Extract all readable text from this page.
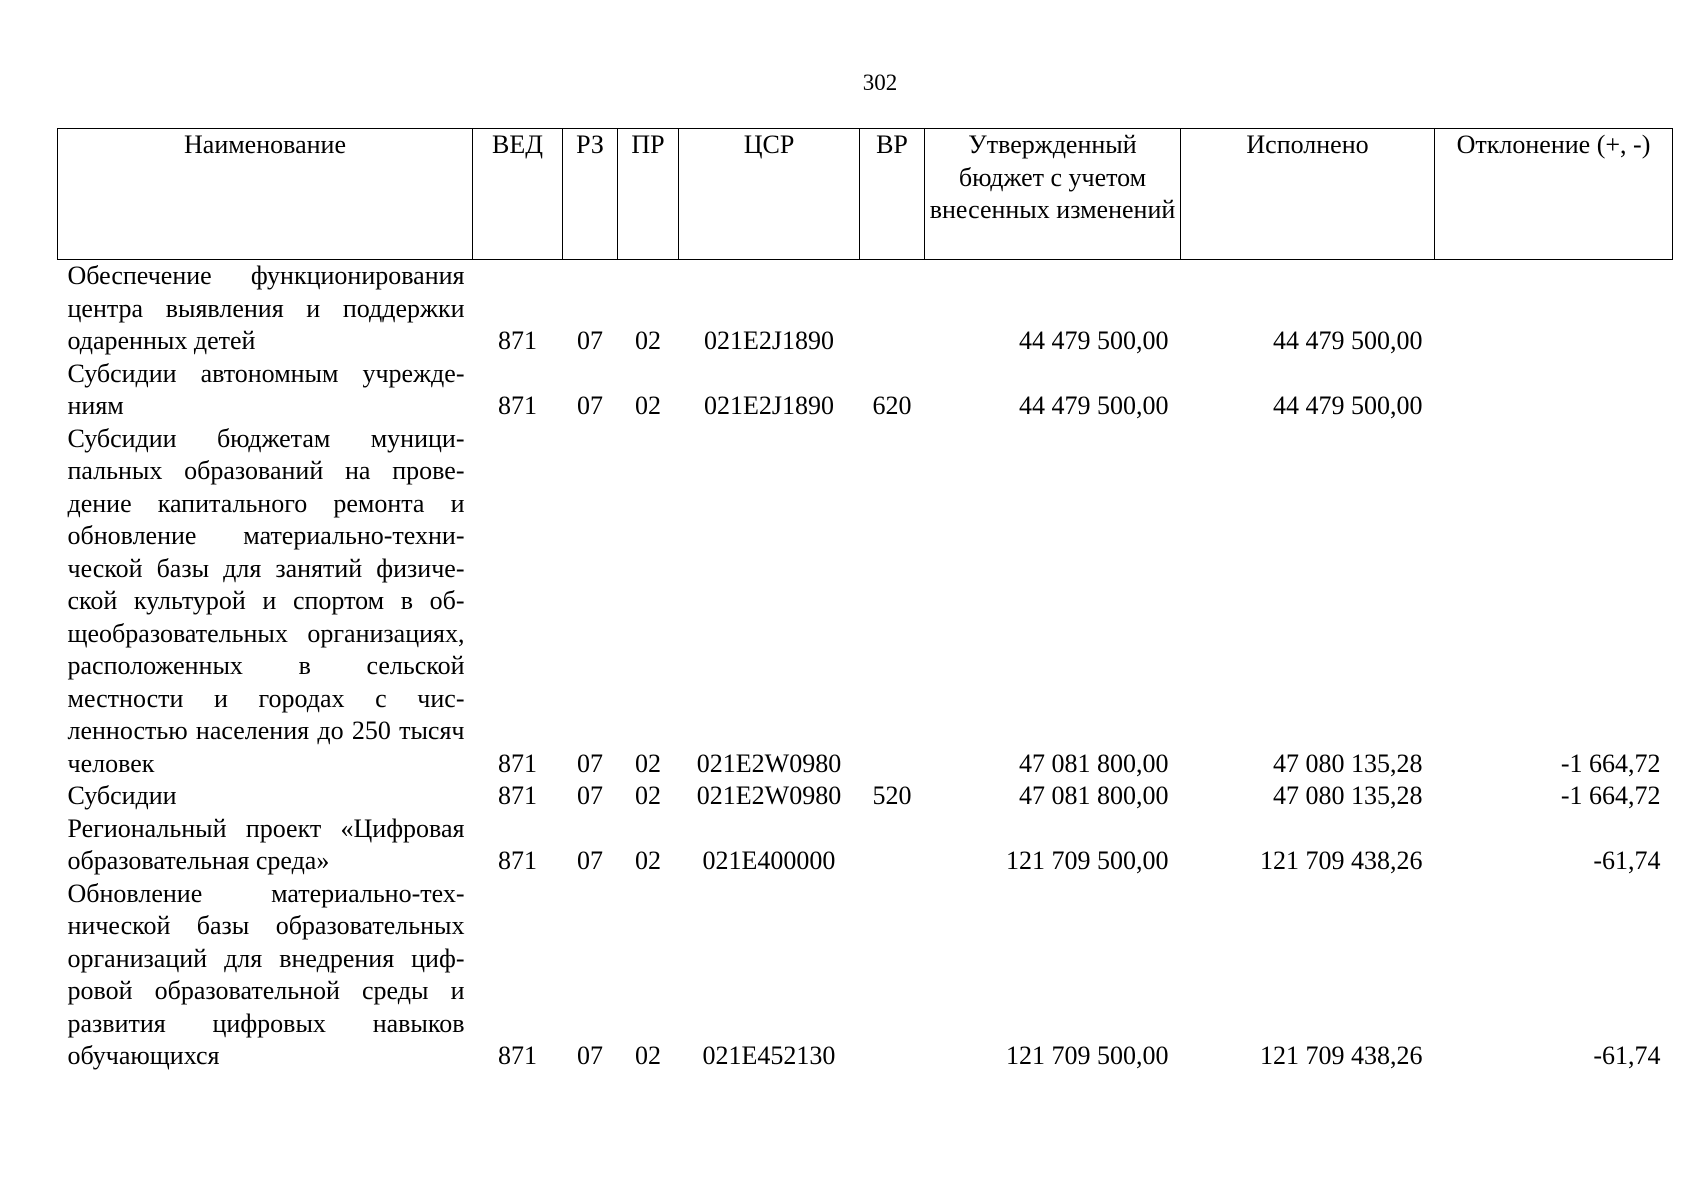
302
Наименование	ВЕД	РЗ	ПР	ЦСР	ВР	Утвержденный бюджет с учетом внесенных изменений	Исполнено	Отклонение (+, -)
Обеспечение функционирования центра выявления и поддержки одаренных детей	871	07	02	021E2J1890		44 479 500,00	44 479 500,00	
Субсидии автономным учреждениям	871	07	02	021E2J1890	620	44 479 500,00	44 479 500,00	
Субсидии бюджетам муниципальных образований на проведение капитального ремонта и обновление материально-технической базы для занятий физической культурой и спортом в общеобразовательных организациях, расположенных в сельской местности и городах с численностью населения до 250 тысяч человек	871	07	02	021E2W0980		47 081 800,00	47 080 135,28	-1 664,72
Субсидии	871	07	02	021E2W0980	520	47 081 800,00	47 080 135,28	-1 664,72
Региональный проект «Цифровая образовательная среда»	871	07	02	021E400000		121 709 500,00	121 709 438,26	-61,74
Обновление материально-технической базы образовательных организаций для внедрения цифровой образовательной среды и развития цифровых навыков обучающихся	871	07	02	021E452130		121 709 500,00	121 709 438,26	-61,74
